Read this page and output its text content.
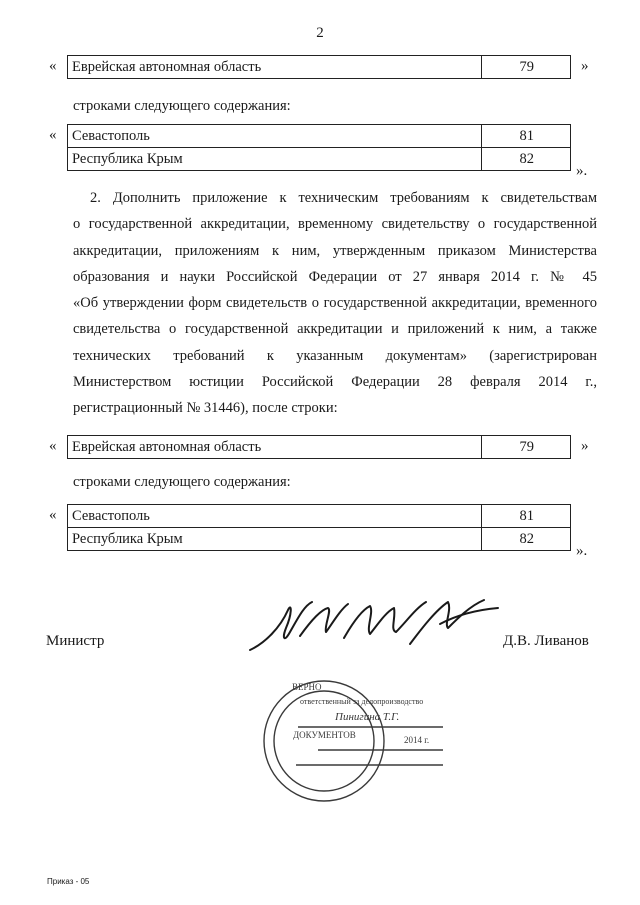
2
« Еврейская автономная область	79	»
строками следующего содержания:
« Севастополь	81
Республика Крым	82
».
2. Дополнить приложение к техническим требованиям к свидетельствам
о государственной аккредитации, временному свидетельству о государственной
аккредитации, приложениям к ним, утвержденным приказом Министерства
образования и науки Российской Федерации от 27 января 2014 г. № 45
«Об утверждении форм свидетельств о государственной аккредитации, временного
свидетельства о государственной аккредитации и приложений к ним, а также
технических требований к указанным документам» (зарегистрирован
Министерством юстиции Российской Федерации 28 февраля 2014 г.,
регистрационный № 31446), после строки:
« Еврейская автономная область	79	»
строками следующего содержания:
« Севастополь	81
Республика Крым	82
».
Министр	Д.В. Ливанов
ВЕРНО
ответственный за делопроизводство
Пинигина Т.Г.
ДОКУМЕНТОВ	2014 г.
Приказ - 05
